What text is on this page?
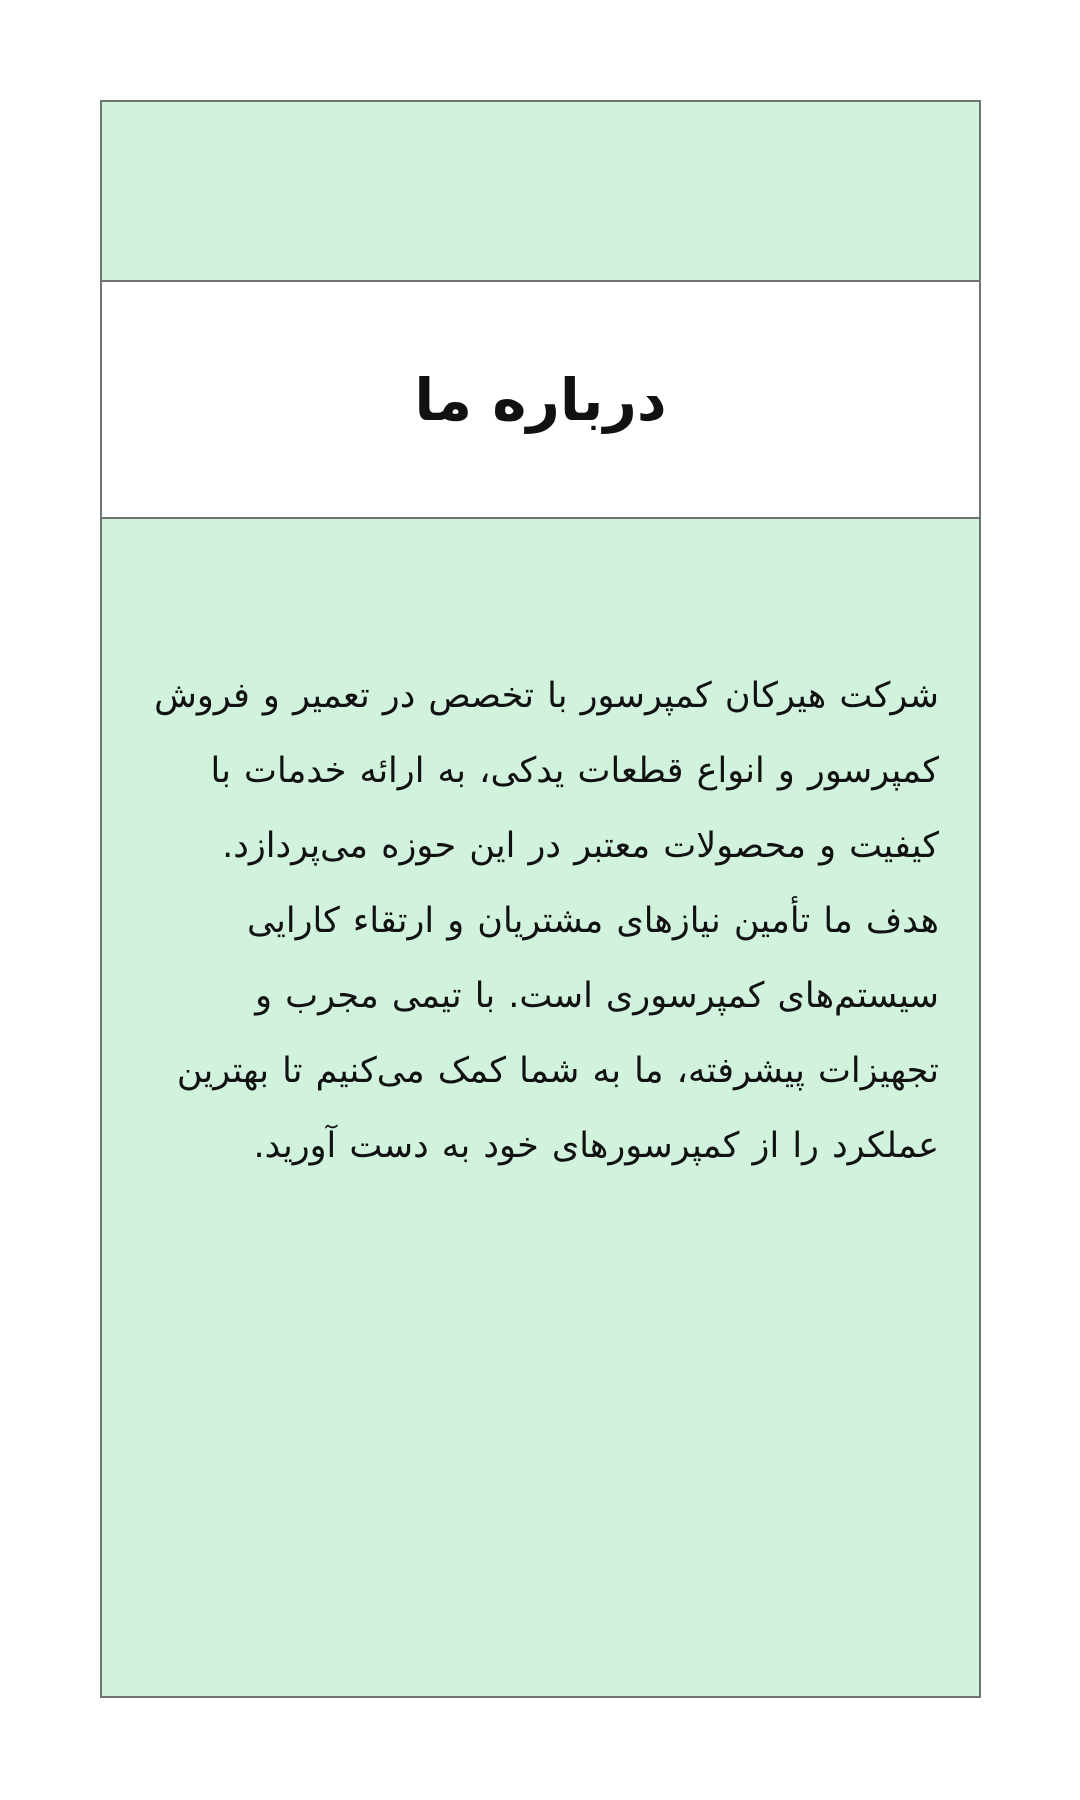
درباره ما

شرکت هیرکان کمپرسور با تخصص در تعمیر و فروش کمپرسور و انواع قطعات یدکی، به ارائه خدمات با کیفیت و محصولات معتبر در این حوزه می‌پردازد. هدف ما تأمین نیازهای مشتریان و ارتقاء کارایی سیستم‌های کمپرسوری است. با تیمی مجرب و تجهیزات پیشرفته، ما به شما کمک می‌کنیم تا بهترین عملکرد را از کمپرسورهای خود به دست آورید.
